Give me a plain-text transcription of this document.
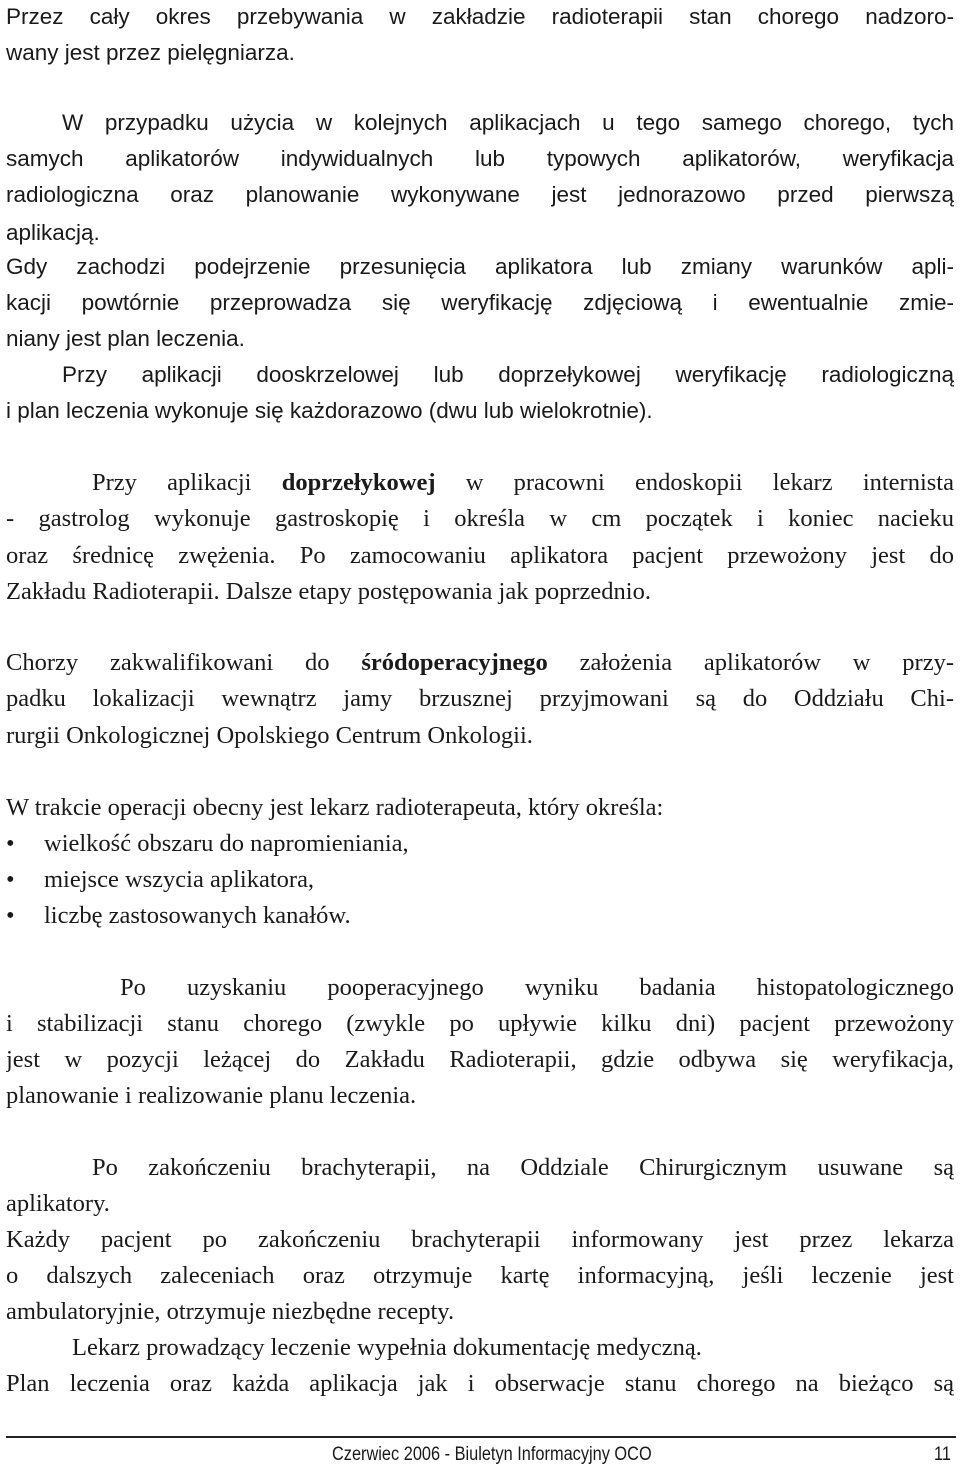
Przez cały okres przebywania w zakładzie radioterapii stan chorego nadzoro-
wany jest przez pielęgniarza.
W przypadku użycia w kolejnych aplikacjach u tego samego chorego, tych
samych aplikatorów indywidualnych lub typowych aplikatorów, weryfikacja
radiologiczna oraz planowanie wykonywane jest jednorazowo przed pierwszą
aplikacją.
Gdy zachodzi podejrzenie przesunięcia aplikatora lub zmiany warunków apli-
kacji powtórnie przeprowadza się weryfikację zdjęciową i ewentualnie zmie-
niany jest plan leczenia.
Przy aplikacji dooskrzelowej lub doprzełykowej weryfikację radiologiczną
i plan leczenia wykonuje się każdorazowo (dwu lub wielokrotnie).
Przy aplikacji doprzełykowej w pracowni endoskopii lekarz internista
- gastrolog wykonuje gastroskopię i określa w cm początek i koniec nacieku
oraz średnicę zwężenia. Po zamocowaniu aplikatora pacjent przewożony jest do
Zakładu Radioterapii. Dalsze etapy postępowania jak poprzednio.
Chorzy zakwalifikowani do śródoperacyjnego założenia aplikatorów w przy-
padku lokalizacji wewnątrz jamy brzusznej przyjmowani są do Oddziału Chi-
rurgii Onkologicznej Opolskiego Centrum Onkologii.
W trakcie operacji obecny jest lekarz radioterapeuta, który określa:
• wielkość obszaru do napromieniania,
• miejsce wszycia aplikatora,
• liczbę zastosowanych kanałów.
Po uzyskaniu pooperacyjnego wyniku badania histopatologicznego
i stabilizacji stanu chorego (zwykle po upływie kilku dni) pacjent przewożony
jest w pozycji leżącej do Zakładu Radioterapii, gdzie odbywa się weryfikacja,
planowanie i realizowanie planu leczenia.
Po zakończeniu brachyterapii, na Oddziale Chirurgicznym usuwane są
aplikatory.
Każdy pacjent po zakończeniu brachyterapii informowany jest przez lekarza
o dalszych zaleceniach oraz otrzymuje kartę informacyjną, jeśli leczenie jest
ambulatoryjnie, otrzymuje niezbędne recepty.
Lekarz prowadzący leczenie wypełnia dokumentację medyczną.
Plan leczenia oraz każda aplikacja jak i obserwacje stanu chorego na bieżąco są
Czerwiec 2006 - Biuletyn Informacyjny OCO	11
